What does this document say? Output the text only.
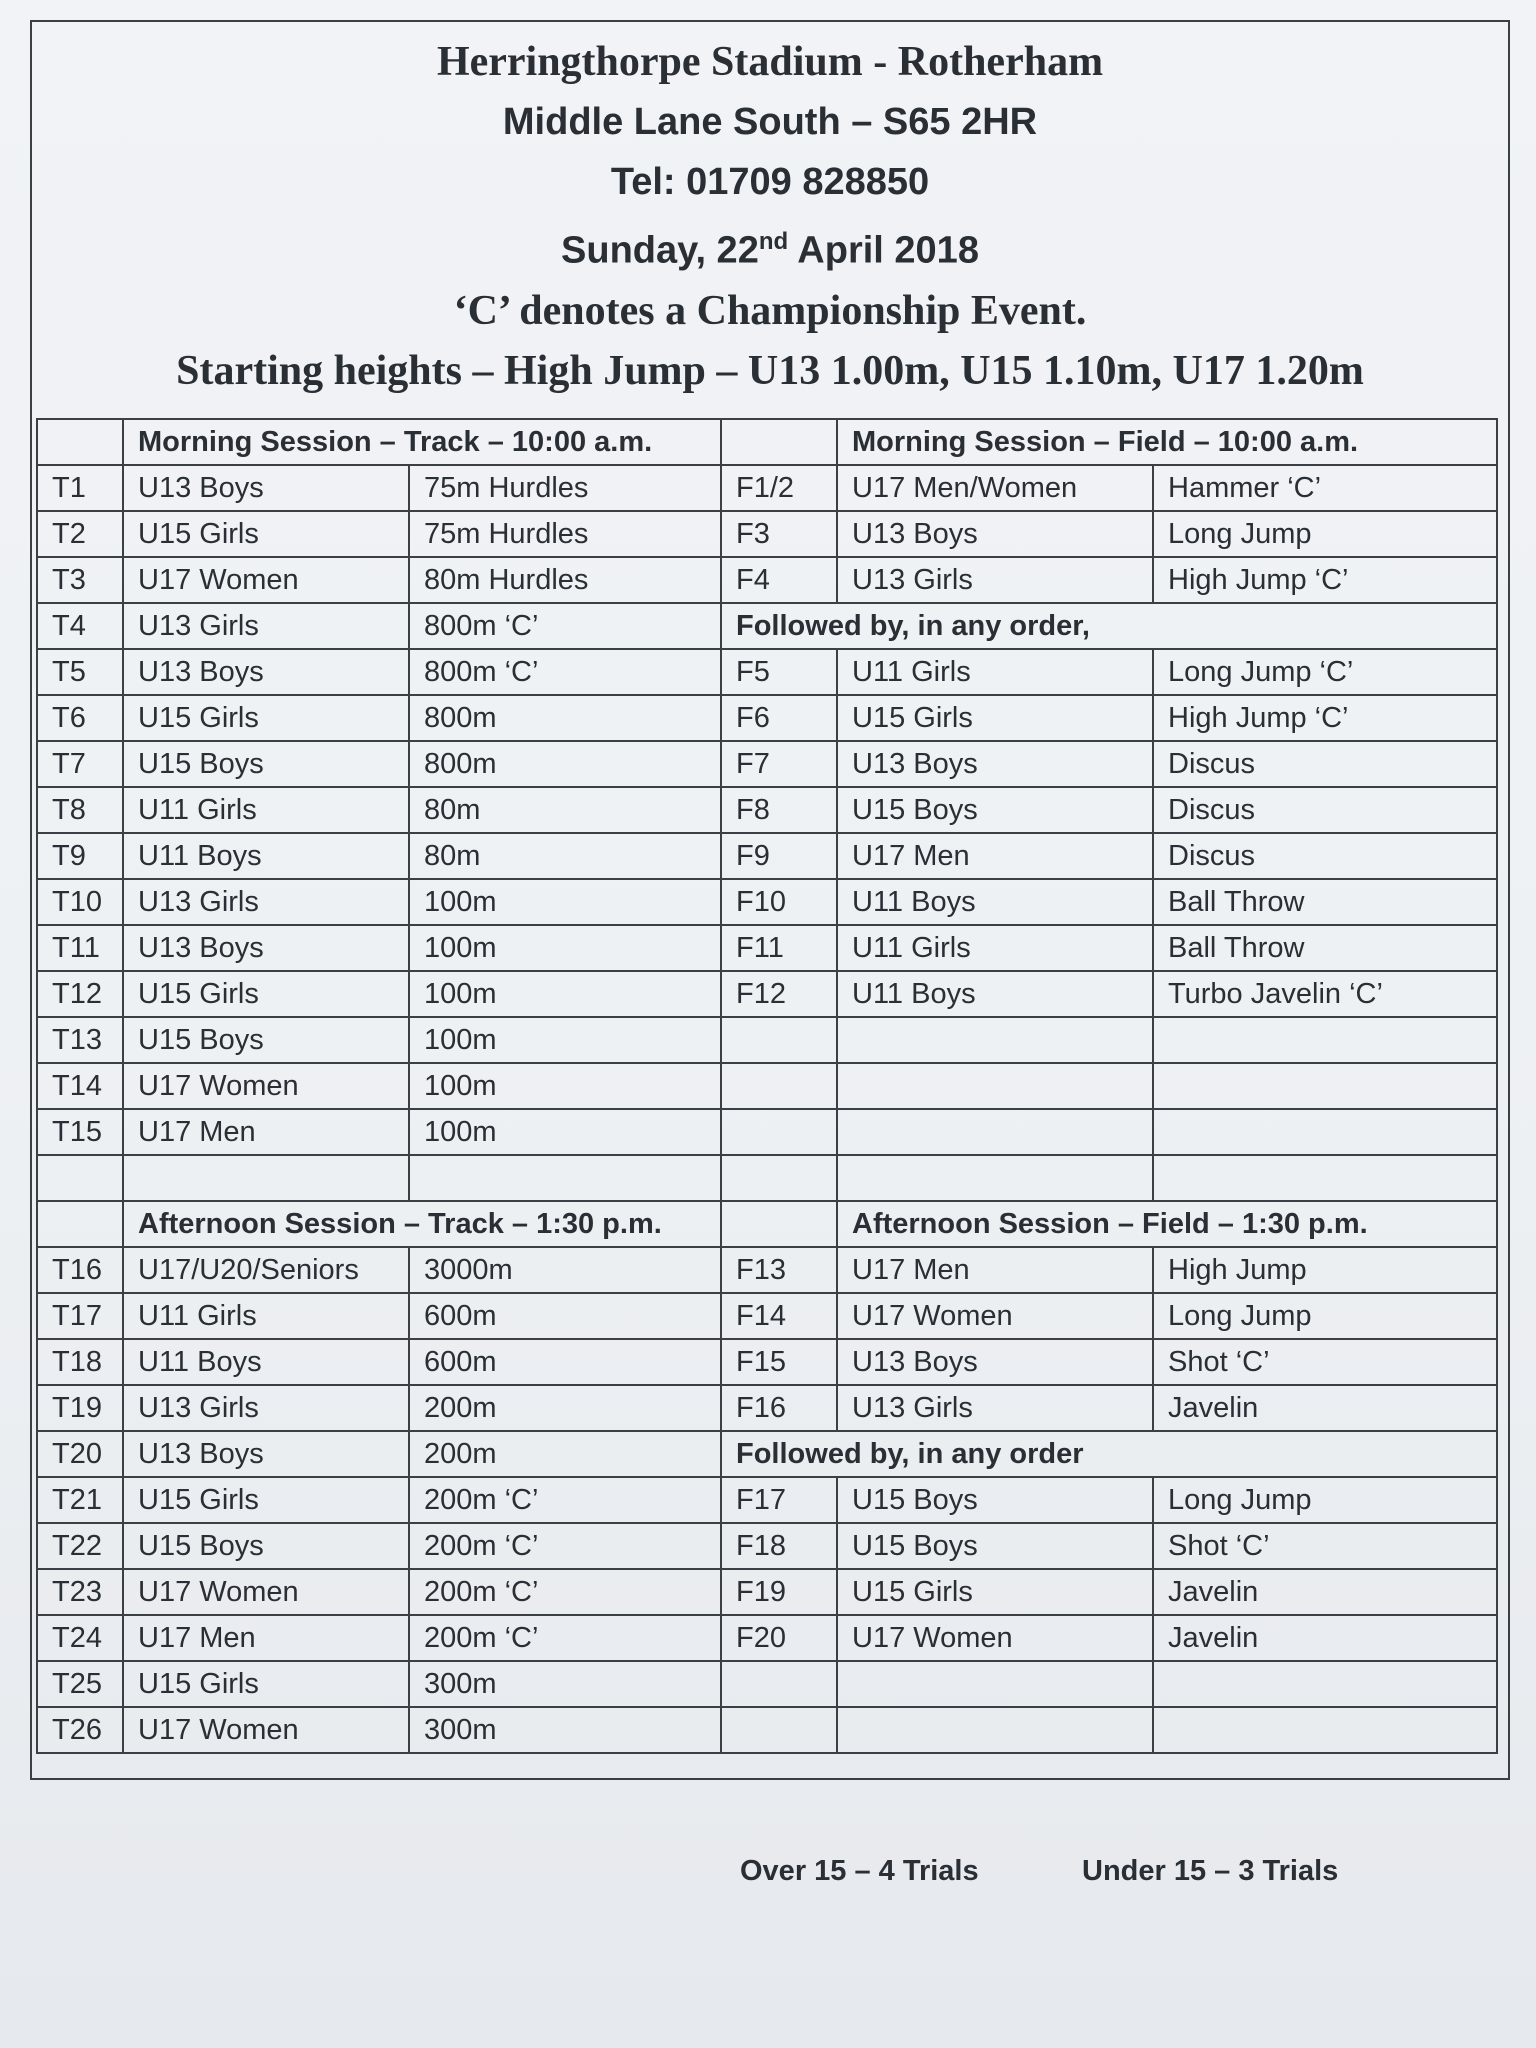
Herringthorpe Stadium - Rotherham
Middle Lane South – S65 2HR
Tel: 01709 828850
Sunday, 22nd April 2018
‘C’ denotes a Championship Event.
Starting heights – High Jump – U13 1.00m, U15 1.10m, U17 1.20m
	Morning Session – Track – 10:00 a.m.			Morning Session – Field – 10:00 a.m.	
T1	U13 Boys	75m Hurdles	F1/2	U17 Men/Women	Hammer ‘C’
T2	U15 Girls	75m Hurdles	F3	U13 Boys	Long Jump
T3	U17 Women	80m Hurdles	F4	U13 Girls	High Jump ‘C’
T4	U13 Girls	800m ‘C’	Followed by, in any order,		
T5	U13 Boys	800m ‘C’	F5	U11 Girls	Long Jump ‘C’
T6	U15 Girls	800m	F6	U15 Girls	High Jump ‘C’
T7	U15 Boys	800m	F7	U13 Boys	Discus
T8	U11 Girls	80m	F8	U15 Boys	Discus
T9	U11 Boys	80m	F9	U17 Men	Discus
T10	U13 Girls	100m	F10	U11 Boys	Ball Throw
T11	U13 Boys	100m	F11	U11 Girls	Ball Throw
T12	U15 Girls	100m	F12	U11 Boys	Turbo Javelin ‘C’
T13	U15 Boys	100m			
T14	U17 Women	100m			
T15	U17 Men	100m			

	Afternoon Session – Track – 1:30 p.m.			Afternoon Session – Field – 1:30 p.m.	
T16	U17/U20/Seniors	3000m	F13	U17 Men	High Jump
T17	U11 Girls	600m	F14	U17 Women	Long Jump
T18	U11 Boys	600m	F15	U13 Boys	Shot ‘C’
T19	U13 Girls	200m	F16	U13 Girls	Javelin
T20	U13 Boys	200m	Followed by, in any order		
T21	U15 Girls	200m ‘C’	F17	U15 Boys	Long Jump
T22	U15 Boys	200m ‘C’	F18	U15 Boys	Shot ‘C’
T23	U17 Women	200m ‘C’	F19	U15 Girls	Javelin
T24	U17 Men	200m ‘C’	F20	U17 Women	Javelin
T25	U15 Girls	300m			
T26	U17 Women	300m			
Over 15 – 4 Trials	Under 15 – 3 Trials
